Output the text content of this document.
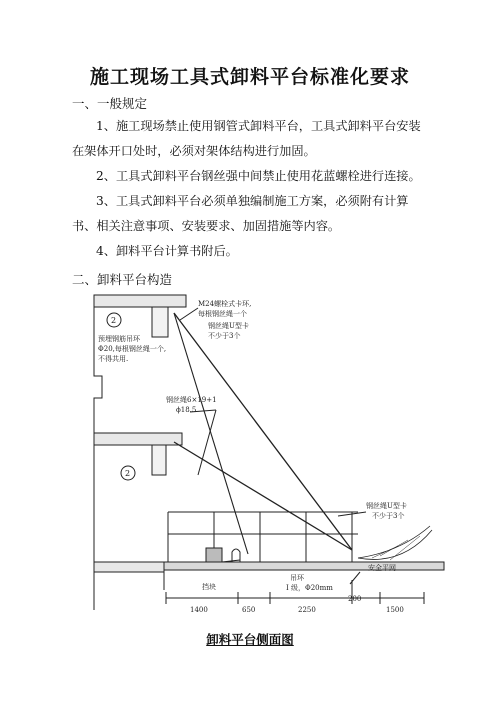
施工现场工具式卸料平台标准化要求
一、一般规定
1、施工现场禁止使用钢管式卸料平台，工具式卸料平台安装在架体开口处时，必须对架体结构进行加固。
2、工具式卸料平台钢丝强中间禁止使用花蓝螺栓进行连接。
3、工具式卸料平台必须单独编制施工方案，必须附有计算书、相关注意事项、安装要求、加固措施等内容。
4、卸料平台计算书附后。
二、卸料平台构造
2
2
预埋钢筋吊环
Φ20,每根钢丝绳一个,
不得共用.
M24螺栓式卡环,
每根钢丝绳一个
钢丝绳U型卡
不少于3个
钢丝绳6×19+1
ϕ18.5
钢丝绳U型卡
不少于3个
安全平网
挡块
吊环
I 级，Φ20mm
200
1400	650	2250	1500
卸料平台侧面图
